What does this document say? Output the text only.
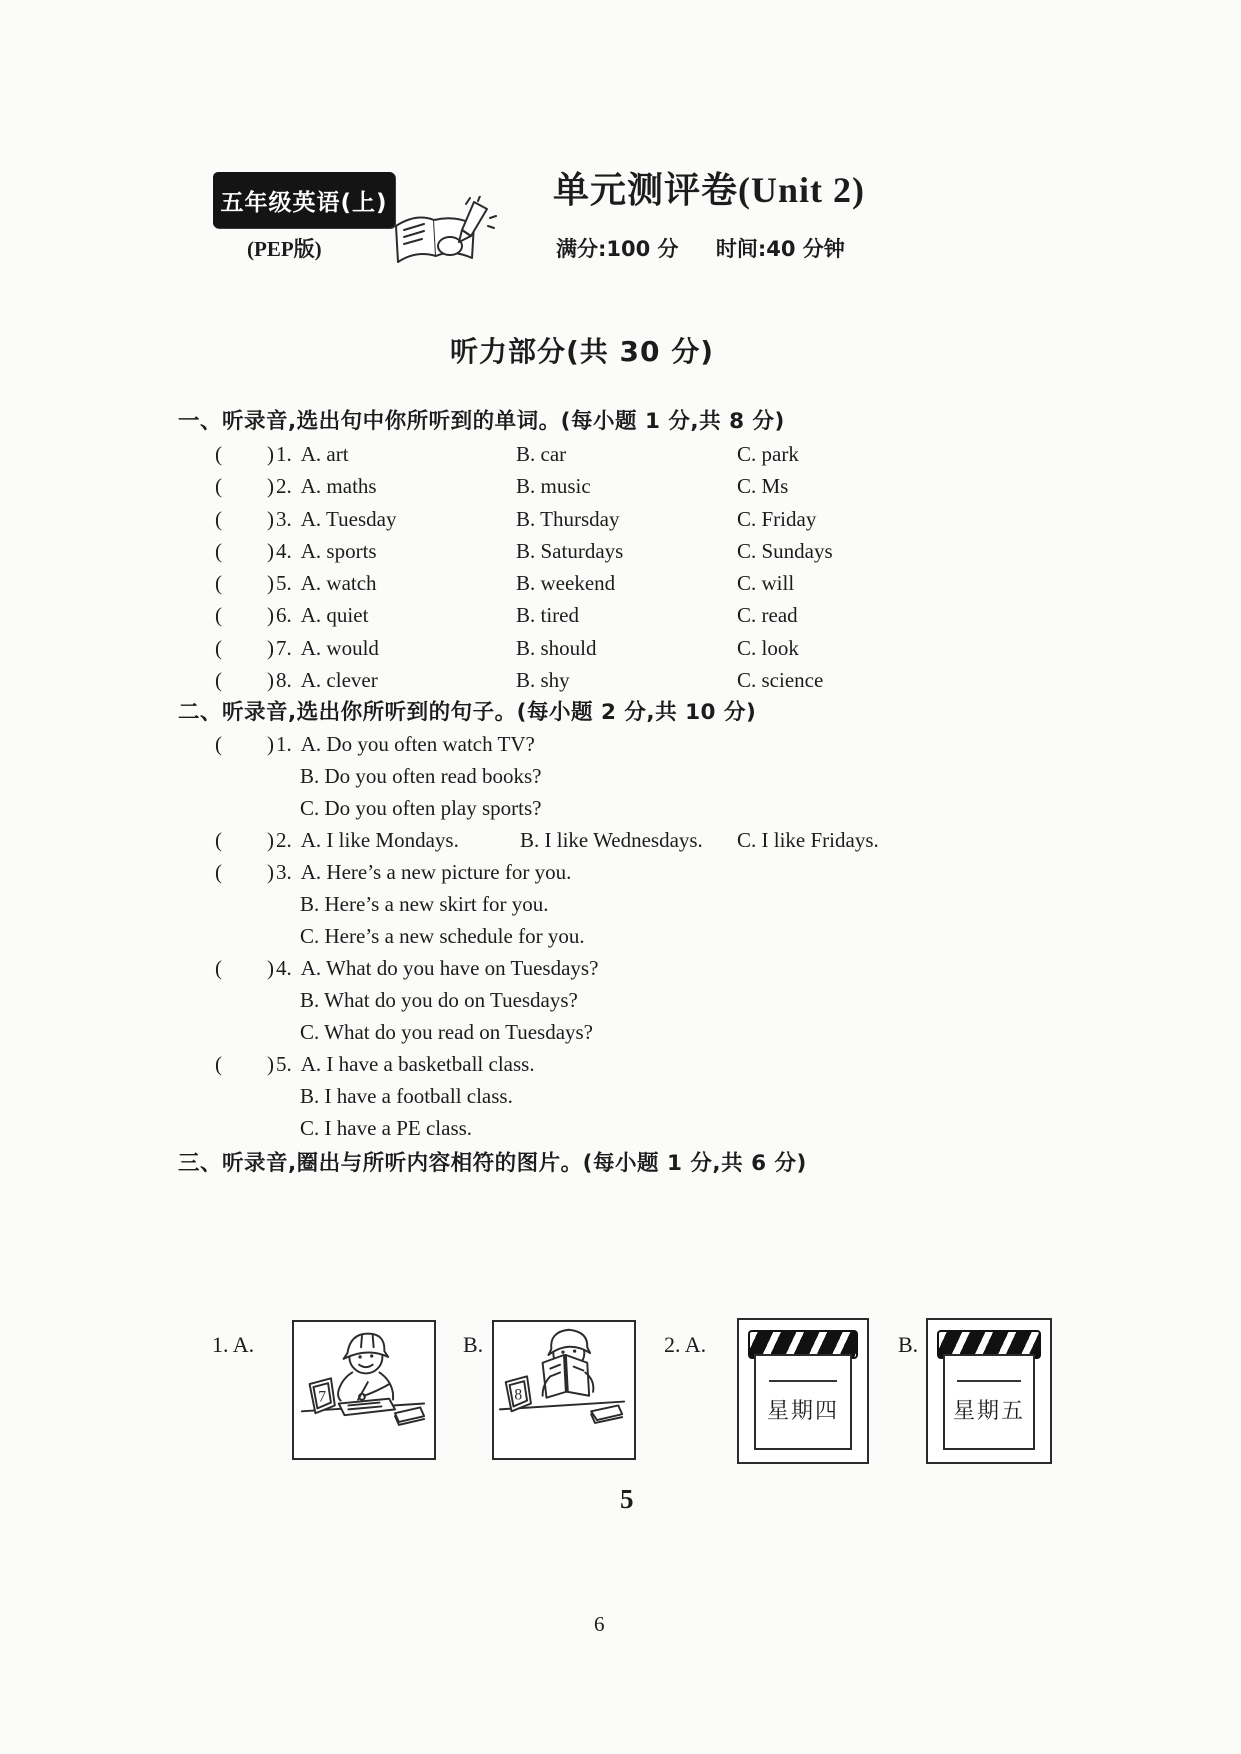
五年级英语(上)
(PEP版)
单元测评卷(Unit 2)
满分:100 分 时间:40 分钟
听力部分(共 30 分)
一、听录音,选出句中你所听到的单词。(每小题 1 分,共 8 分)
(　　)1. A. art	B. car	C. park
(　　)2. A. maths	B. music	C. Ms
(　　)3. A. Tuesday	B. Thursday	C. Friday
(　　)4. A. sports	B. Saturdays	C. Sundays
(　　)5. A. watch	B. weekend	C. will
(　　)6. A. quiet	B. tired	C. read
(　　)7. A. would	B. should	C. look
(　　)8. A. clever	B. shy	C. science
二、听录音,选出你所听到的句子。(每小题 2 分,共 10 分)
(　　)1. A. Do you often watch TV?
B. Do you often read books?
C. Do you often play sports?
(　　)2. A. I like Mondays.	B. I like Wednesdays.	C. I like Fridays.
(　　)3. A. Here’s a new picture for you.
B. Here’s a new skirt for you.
C. Here’s a new schedule for you.
(　　)4. A. What do you have on Tuesdays?
B. What do you do on Tuesdays?
C. What do you read on Tuesdays?
(　　)5. A. I have a basketball class.
B. I have a football class.
C. I have a PE class.
三、听录音,圈出与所听内容相符的图片。(每小题 1 分,共 6 分)
1. A.
7
B.
8
2. A.
星期四
B.
星期五
5
6
